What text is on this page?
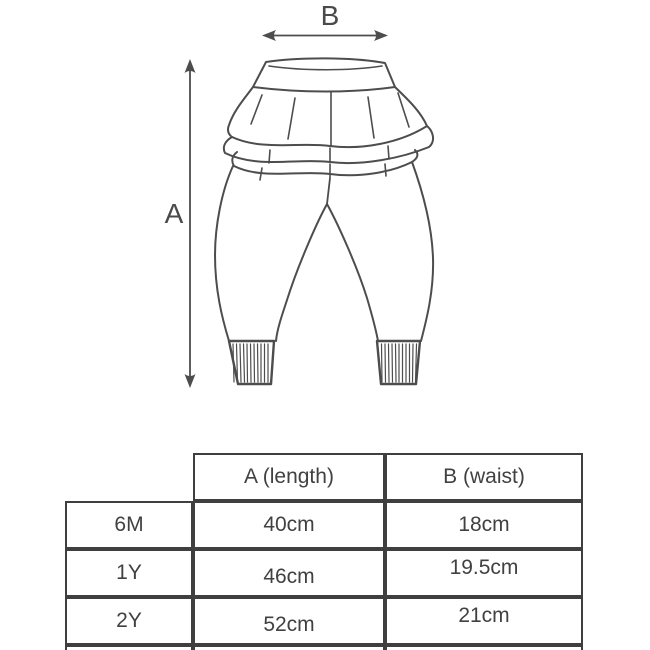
B
A
	A (length)	B (waist)
6M	40cm	18cm
1Y	46cm	19.5cm
2Y	52cm	21cm
